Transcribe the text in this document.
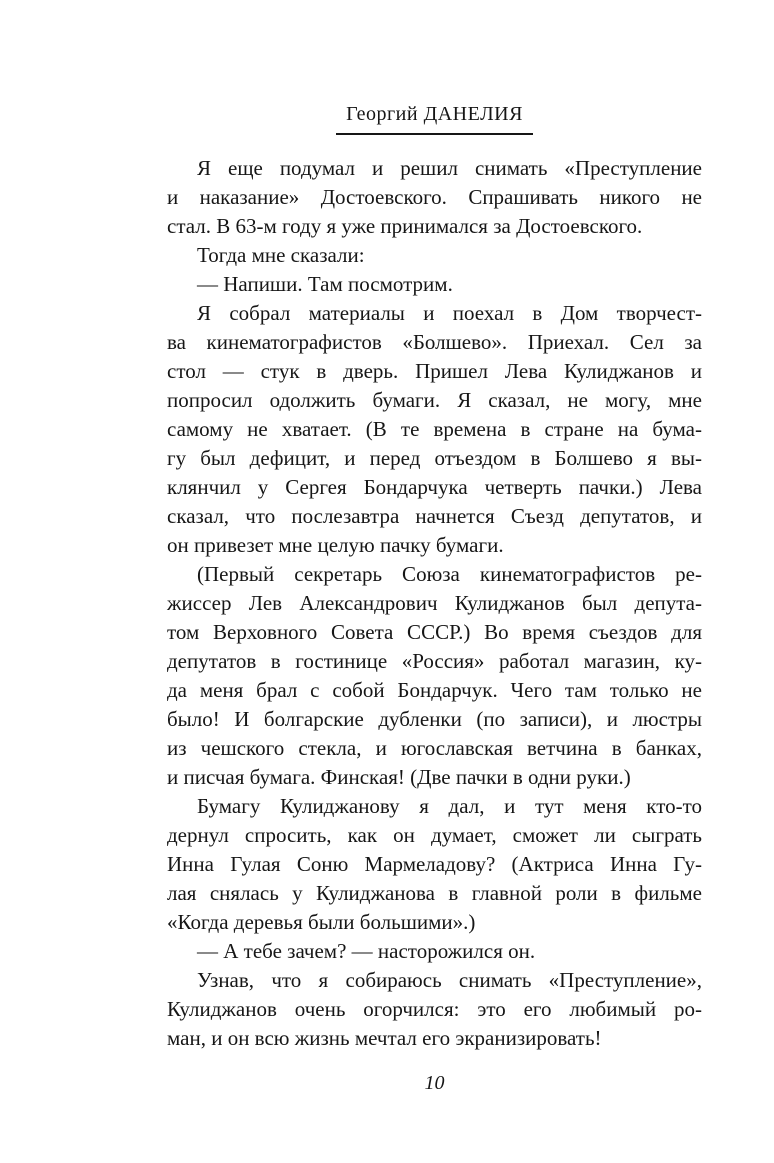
Георгий ДАНЕЛИЯ
Я еще подумал и решил снимать «Преступление
и наказание» Достоевского. Спрашивать никого не
стал. В 63-м году я уже принимался за Достоевского.
Тогда мне сказали:
— Напиши. Там посмотрим.
Я собрал материалы и поехал в Дом творчест-
ва кинематографистов «Болшево». Приехал. Сел за
стол — стук в дверь. Пришел Лева Кулиджанов и
попросил одолжить бумаги. Я сказал, не могу, мне
самому не хватает. (В те времена в стране на бума-
гу был дефицит, и перед отъездом в Болшево я вы-
клянчил у Сергея Бондарчука четверть пачки.) Лева
сказал, что послезавтра начнется Съезд депутатов, и
он привезет мне целую пачку бумаги.
(Первый секретарь Союза кинематографистов ре-
жиссер Лев Александрович Кулиджанов был депута-
том Верховного Совета СССР.) Во время съездов для
депутатов в гостинице «Россия» работал магазин, ку-
да меня брал с собой Бондарчук. Чего там только не
было! И болгарские дубленки (по записи), и люстры
из чешского стекла, и югославская ветчина в банках,
и писчая бумага. Финская! (Две пачки в одни руки.)
Бумагу Кулиджанову я дал, и тут меня кто-то
дернул спросить, как он думает, сможет ли сыграть
Инна Гулая Соню Мармеладову? (Актриса Инна Гу-
лая снялась у Кулиджанова в главной роли в фильме
«Когда деревья были большими».)
— А тебе зачем? — насторожился он.
Узнав, что я собираюсь снимать «Преступление»,
Кулиджанов очень огорчился: это его любимый ро-
ман, и он всю жизнь мечтал его экранизировать!
10
